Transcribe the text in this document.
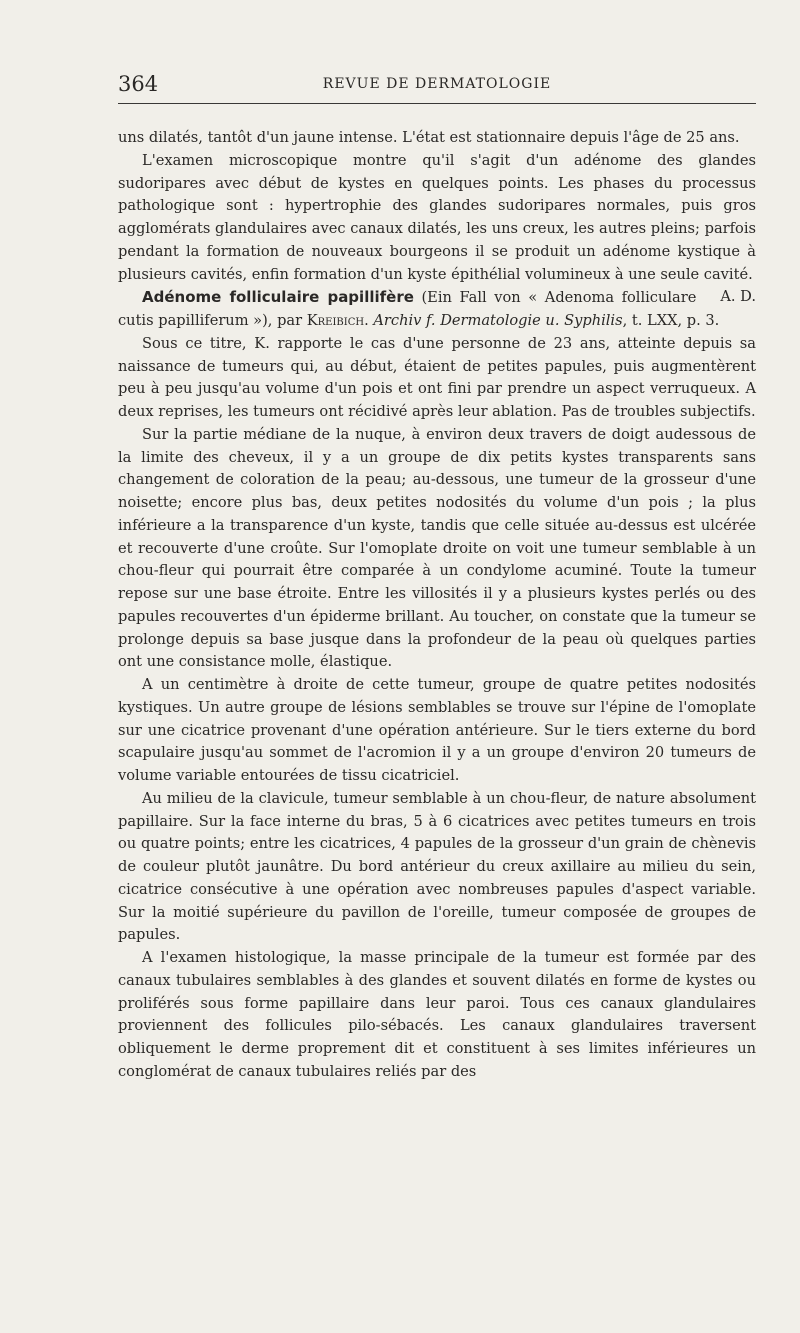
364	REVUE DE DERMATOLOGIE

uns dilatés, tantôt d'un jaune intense. L'état est stationnaire depuis l'âge de 25 ans.

L'examen microscopique montre qu'il s'agit d'un adénome des glandes sudoripares avec début de kystes en quelques points. Les phases du processus pathologique sont : hypertrophie des glandes sudoripares normales, puis gros agglomérats glandulaires avec canaux dilatés, les uns creux, les autres pleins; parfois pendant la formation de nouveaux bourgeons il se produit un adénome kystique à plusieurs cavités, enfin formation d'un kyste épithélial volumineux à une seule cavité.
A. D.

Adénome folliculaire papillifère (Ein Fall von « Adenoma folliculare cutis papilliferum »), par Kreibich. Archiv f. Dermatologie u. Syphilis, t. LXX, p. 3.

Sous ce titre, K. rapporte le cas d'une personne de 23 ans, atteinte depuis sa naissance de tumeurs qui, au début, étaient de petites papules, puis augmentèrent peu à peu jusqu'au volume d'un pois et ont fini par prendre un aspect verruqueux. A deux reprises, les tumeurs ont récidivé après leur ablation. Pas de troubles subjectifs.

Sur la partie médiane de la nuque, à environ deux travers de doigt audessous de la limite des cheveux, il y a un groupe de dix petits kystes transparents sans changement de coloration de la peau; au-dessous, une tumeur de la grosseur d'une noisette; encore plus bas, deux petites nodosités du volume d'un pois ; la plus inférieure a la transparence d'un kyste, tandis que celle située au-dessus est ulcérée et recouverte d'une croûte. Sur l'omoplate droite on voit une tumeur semblable à un chou-fleur qui pourrait être comparée à un condylome acuminé. Toute la tumeur repose sur une base étroite. Entre les villosités il y a plusieurs kystes perlés ou des papules recouvertes d'un épiderme brillant. Au toucher, on constate que la tumeur se prolonge depuis sa base jusque dans la profondeur de la peau où quelques parties ont une consistance molle, élastique.

A un centimètre à droite de cette tumeur, groupe de quatre petites nodosités kystiques. Un autre groupe de lésions semblables se trouve sur l'épine de l'omoplate sur une cicatrice provenant d'une opération antérieure. Sur le tiers externe du bord scapulaire jusqu'au sommet de l'acromion il y a un groupe d'environ 20 tumeurs de volume variable entourées de tissu cicatriciel.

Au milieu de la clavicule, tumeur semblable à un chou-fleur, de nature absolument papillaire. Sur la face interne du bras, 5 à 6 cicatrices avec petites tumeurs en trois ou quatre points; entre les cicatrices, 4 papules de la grosseur d'un grain de chènevis de couleur plutôt jaunâtre. Du bord antérieur du creux axillaire au milieu du sein, cicatrice consécutive à une opération avec nombreuses papules d'aspect variable. Sur la moitié supérieure du pavillon de l'oreille, tumeur composée de groupes de papules.

A l'examen histologique, la masse principale de la tumeur est formée par des canaux tubulaires semblables à des glandes et souvent dilatés en forme de kystes ou proliférés sous forme papillaire dans leur paroi. Tous ces canaux glandulaires proviennent des follicules pilo-sébacés. Les canaux glandulaires traversent obliquement le derme proprement dit et constituent à ses limites inférieures un conglomérat de canaux tubulaires reliés par des
